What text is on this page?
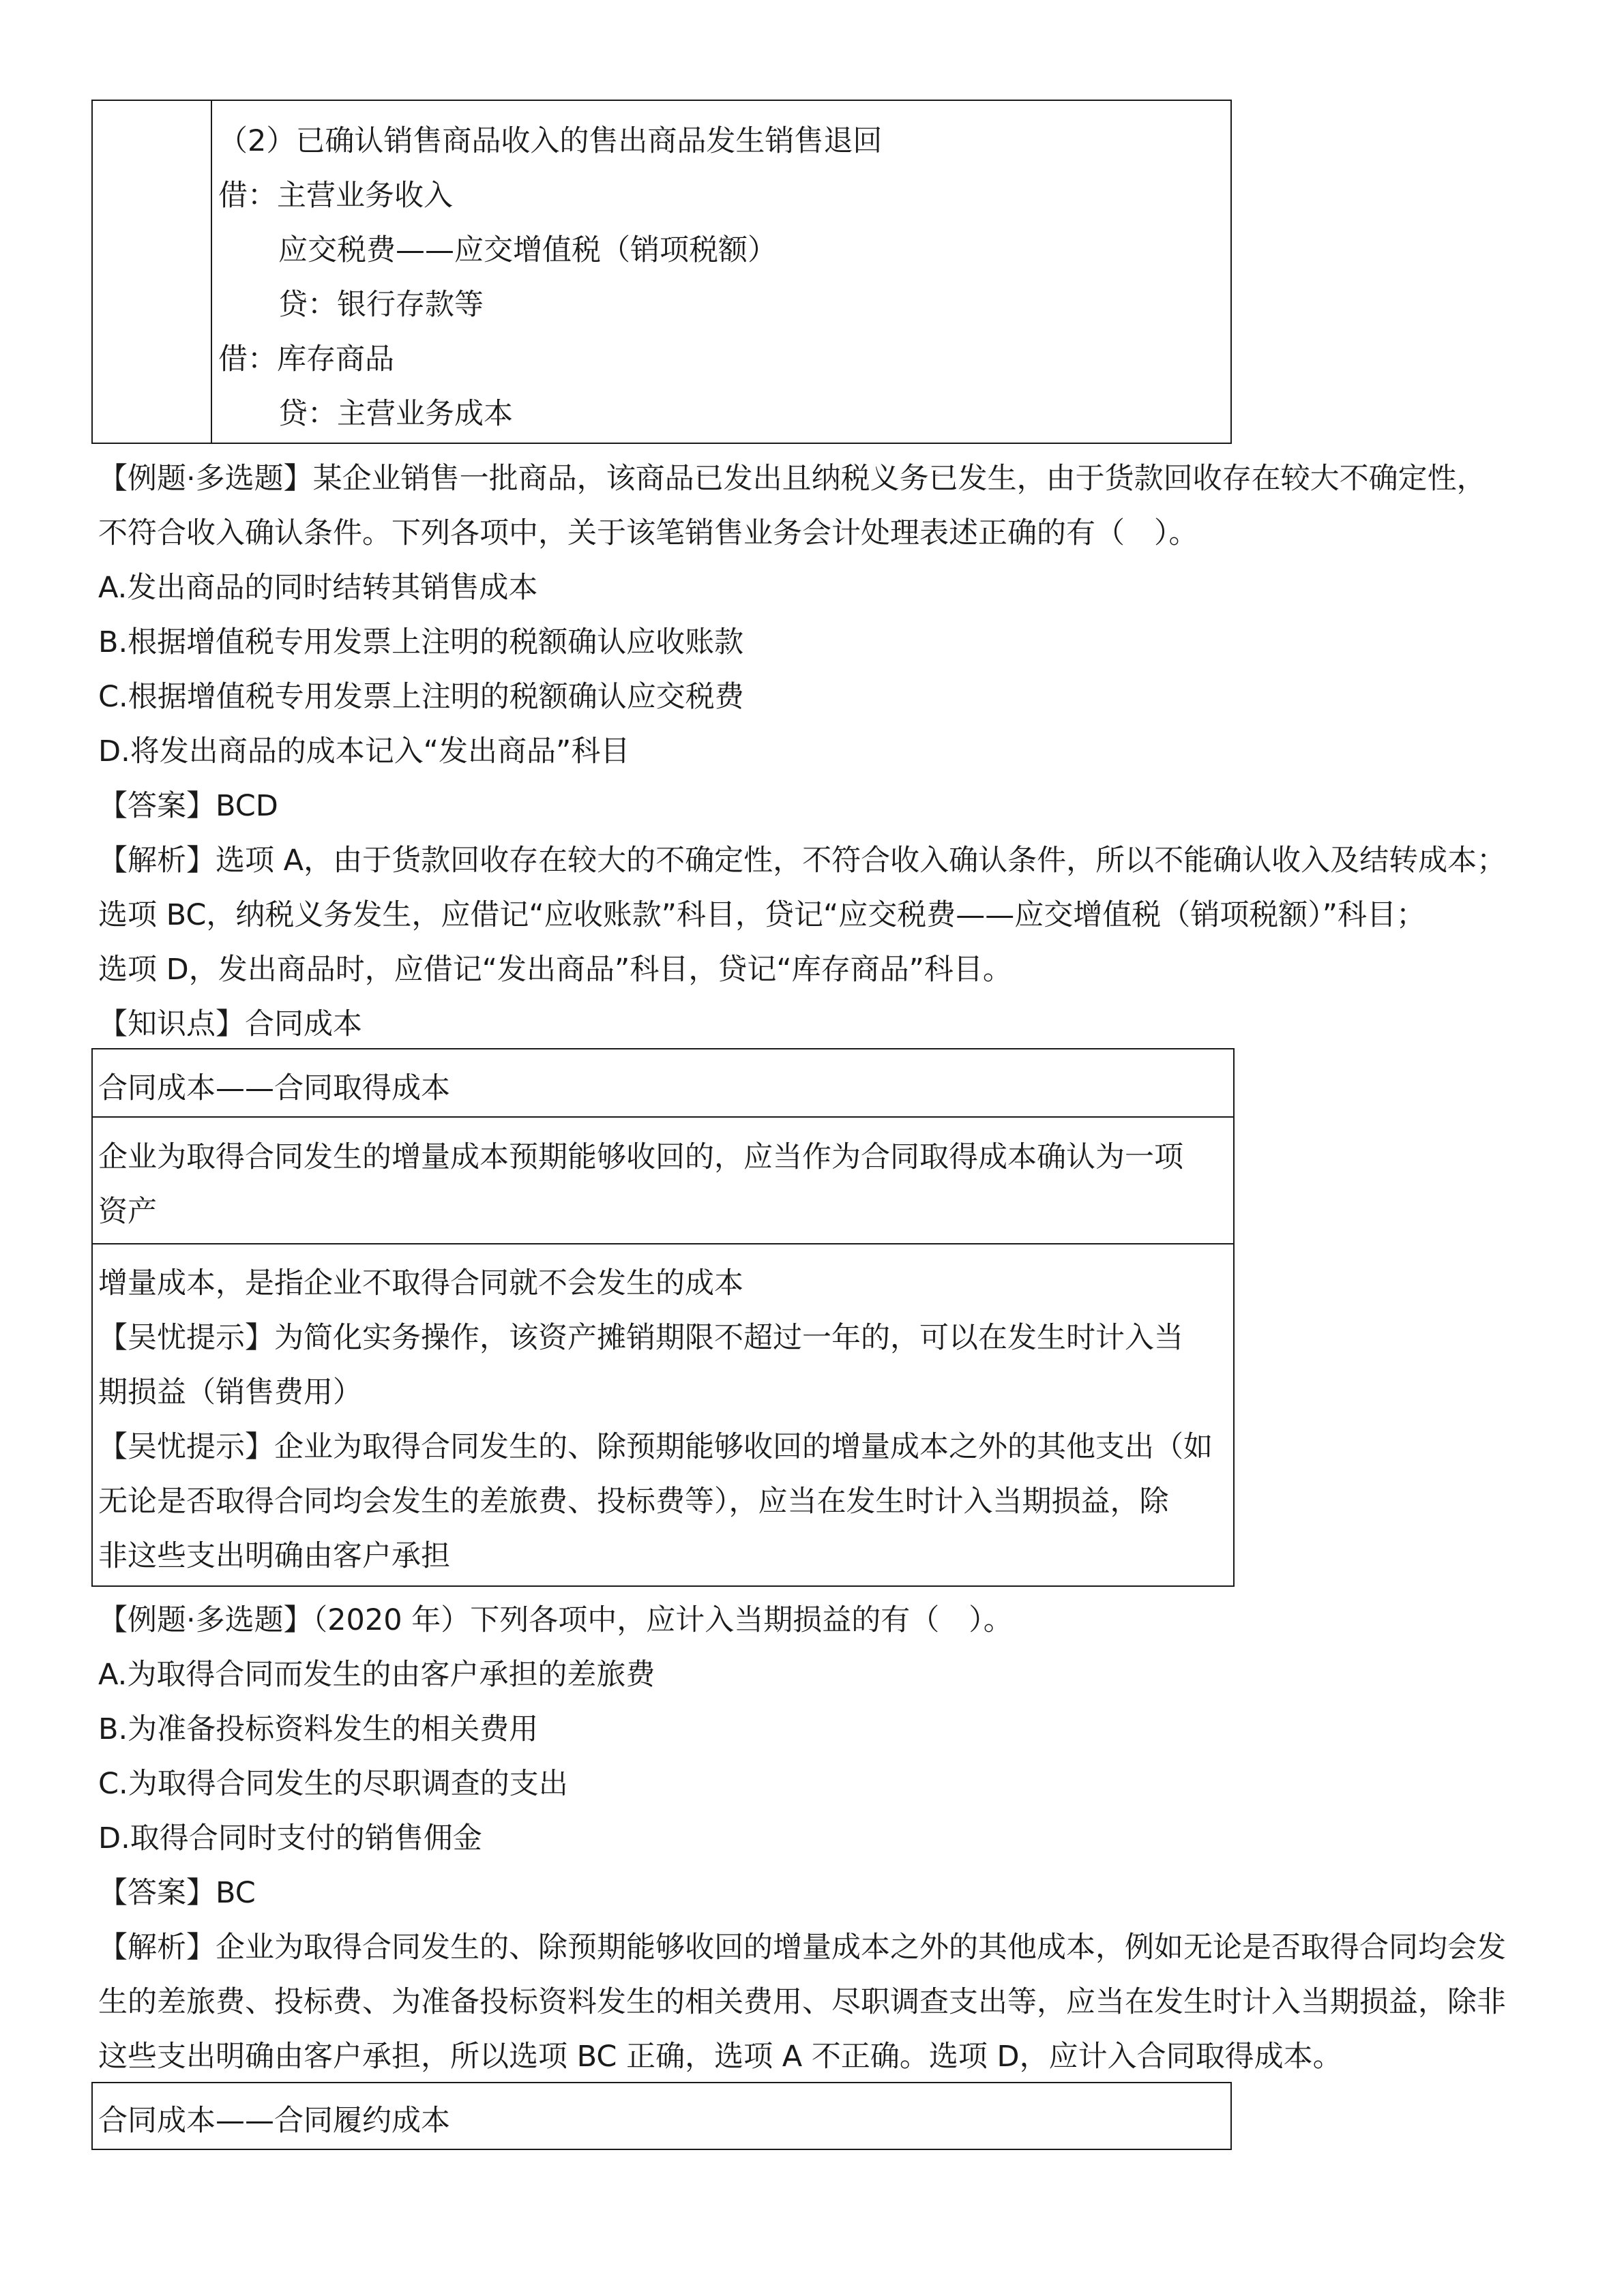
（2）已确认销售商品收入的售出商品发生销售退回
借：主营业务收入
应交税费——应交增值税（销项税额）
贷：银行存款等
借：库存商品
贷：主营业务成本
【例题·多选题】某企业销售一批商品，该商品已发出且纳税义务已发生，由于货款回收存在较大不确定性，
不符合收入确认条件。下列各项中，关于该笔销售业务会计处理表述正确的有（　）。
A.发出商品的同时结转其销售成本
B.根据增值税专用发票上注明的税额确认应收账款
C.根据增值税专用发票上注明的税额确认应交税费
D.将发出商品的成本记入“发出商品”科目
【答案】BCD
【解析】选项 A，由于货款回收存在较大的不确定性，不符合收入确认条件，所以不能确认收入及结转成本；
选项 BC，纳税义务发生，应借记“应收账款”科目，贷记“应交税费——应交增值税（销项税额）”科目；
选项 D，发出商品时，应借记“发出商品”科目，贷记“库存商品”科目。
【知识点】合同成本
合同成本——合同取得成本
企业为取得合同发生的增量成本预期能够收回的，应当作为合同取得成本确认为一项
资产
增量成本，是指企业不取得合同就不会发生的成本
【吴忧提示】为简化实务操作，该资产摊销期限不超过一年的，可以在发生时计入当
期损益（销售费用）
【吴忧提示】企业为取得合同发生的、除预期能够收回的增量成本之外的其他支出（如
无论是否取得合同均会发生的差旅费、投标费等），应当在发生时计入当期损益，除
非这些支出明确由客户承担
【例题·多选题】（2020 年）下列各项中，应计入当期损益的有（　）。
A.为取得合同而发生的由客户承担的差旅费
B.为准备投标资料发生的相关费用
C.为取得合同发生的尽职调查的支出
D.取得合同时支付的销售佣金
【答案】BC
【解析】企业为取得合同发生的、除预期能够收回的增量成本之外的其他成本，例如无论是否取得合同均会发
生的差旅费、投标费、为准备投标资料发生的相关费用、尽职调查支出等，应当在发生时计入当期损益，除非
这些支出明确由客户承担，所以选项 BC 正确，选项 A 不正确。选项 D，应计入合同取得成本。
合同成本——合同履约成本
